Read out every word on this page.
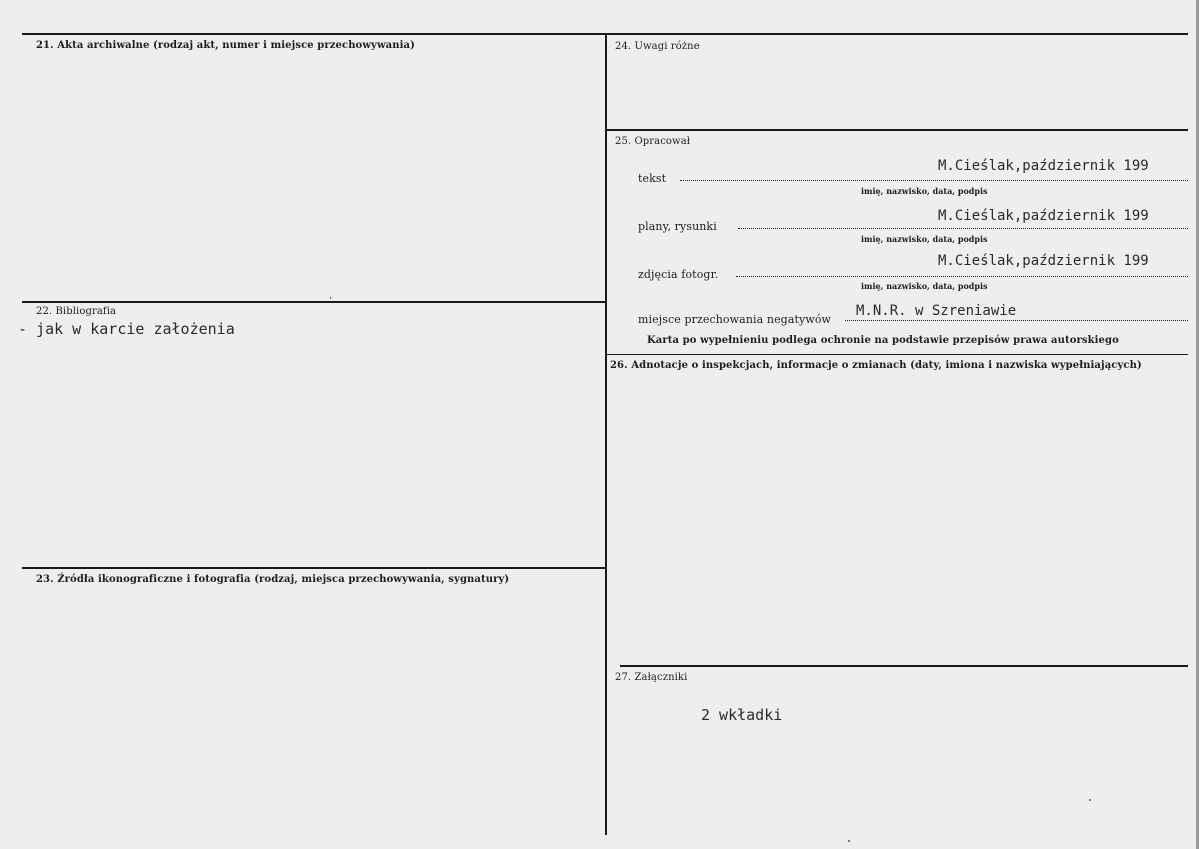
21. Akta archiwalne (rodzaj akt, numer i miejsce przechowywania)
22. Bibliografia
- jak w karcie założenia
23. Źródła ikonograficzne i fotografia (rodzaj, miejsca przechowywania, sygnatury)
24. Uwagi różne
25. Opracował
tekst
M.Cieślak,październik 199
imię, nazwisko, data, podpis
plany, rysunki
M.Cieślak,październik 199
imię, nazwisko, data, podpis
zdjęcia fotogr.
M.Cieślak,październik 199
imię, nazwisko, data, podpis
miejsce przechowania negatywów
M.N.R. w Szreniawie
Karta po wypełnieniu podlega ochronie na podstawie przepisów prawa autorskiego
26. Adnotacje o inspekcjach, informacje o zmianach (daty, imiona i nazwiska wypełniających)
27. Załączniki
2 wkładki
